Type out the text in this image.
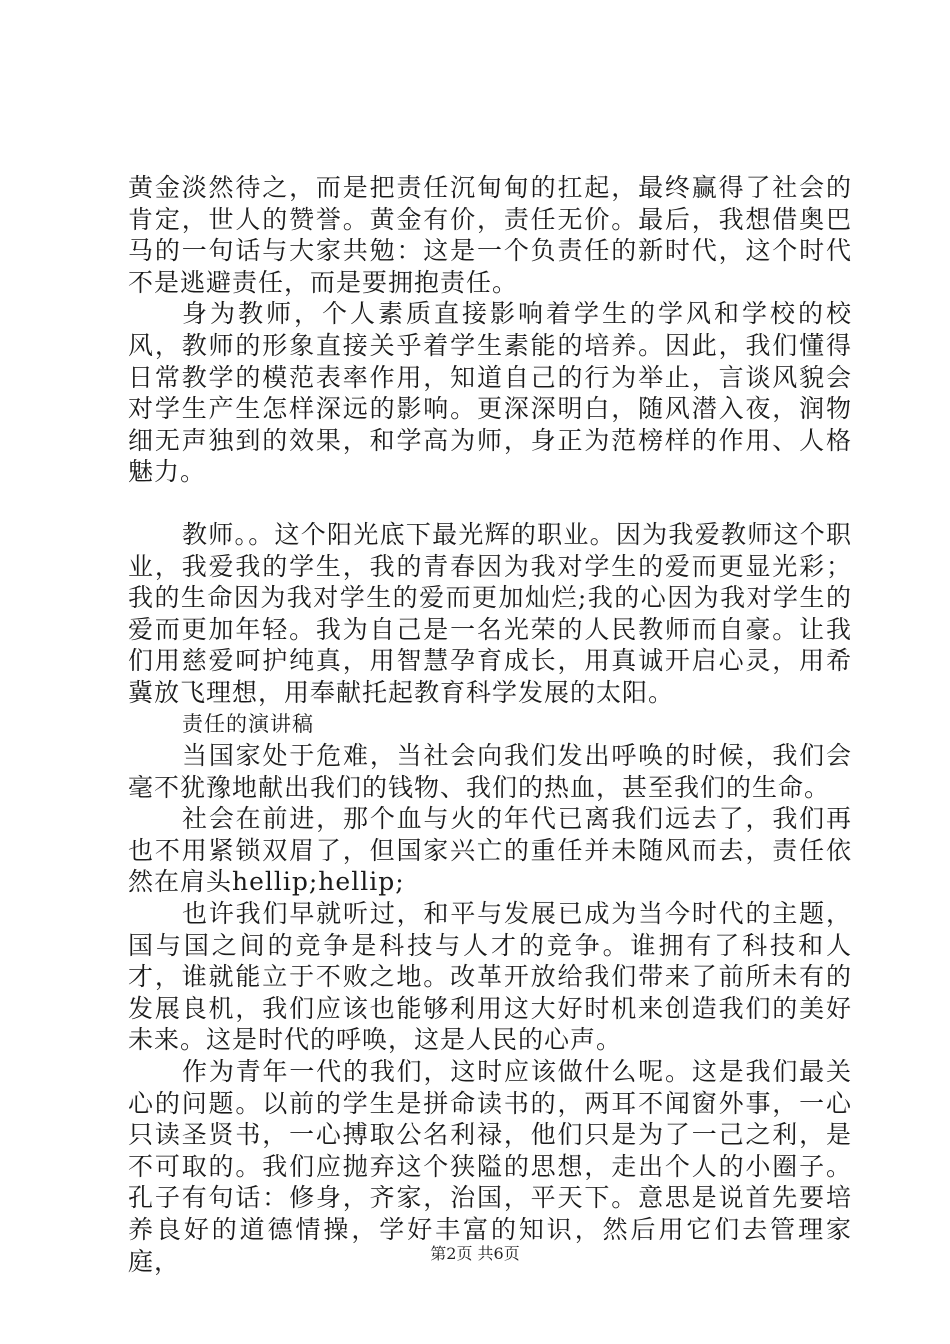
黄金淡然待之，而是把责任沉甸甸的扛起，最终赢得了社会的肯定，世人的赞誉。黄金有价，责任无价。最后，我想借奥巴马的一句话与大家共勉：这是一个负责任的新时代，这个时代不是逃避责任，而是要拥抱责任。

身为教师，个人素质直接影响着学生的学风和学校的校风，教师的形象直接关乎着学生素能的培养。因此，我们懂得日常教学的模范表率作用，知道自己的行为举止，言谈风貌会对学生产生怎样深远的影响。更深深明白，随风潜入夜，润物细无声独到的效果，和学高为师，身正为范榜样的作用、人格魅力。

教师。。这个阳光底下最光辉的职业。因为我爱教师这个职业，我爱我的学生，我的青春因为我对学生的爱而更显光彩；我的生命因为我对学生的爱而更加灿烂;我的心因为我对学生的爱而更加年轻。我为自己是一名光荣的人民教师而自豪。让我们用慈爱呵护纯真，用智慧孕育成长，用真诚开启心灵，用希冀放飞理想，用奉献托起教育科学发展的太阳。

责任的演讲稿

当国家处于危难，当社会向我们发出呼唤的时候，我们会毫不犹豫地献出我们的钱物、我们的热血，甚至我们的生命。

社会在前进，那个血与火的年代已离我们远去了，我们再也不用紧锁双眉了，但国家兴亡的重任并未随风而去，责任依然在肩头hellip;hellip;

也许我们早就听过，和平与发展已成为当今时代的主题，国与国之间的竞争是科技与人才的竞争。谁拥有了科技和人才，谁就能立于不败之地。改革开放给我们带来了前所未有的发展良机，我们应该也能够利用这大好时机来创造我们的美好未来。这是时代的呼唤，这是人民的心声。

作为青年一代的我们，这时应该做什么呢。这是我们最关心的问题。以前的学生是拼命读书的，两耳不闻窗外事，一心只读圣贤书，一心搏取公名利禄，他们只是为了一己之利，是不可取的。我们应抛弃这个狭隘的思想，走出个人的小圈子。孔子有句话：修身，齐家，治国，平天下。意思是说首先要培养良好的道德情操，学好丰富的知识，然后用它们去管理家庭，	第2页 共6页
